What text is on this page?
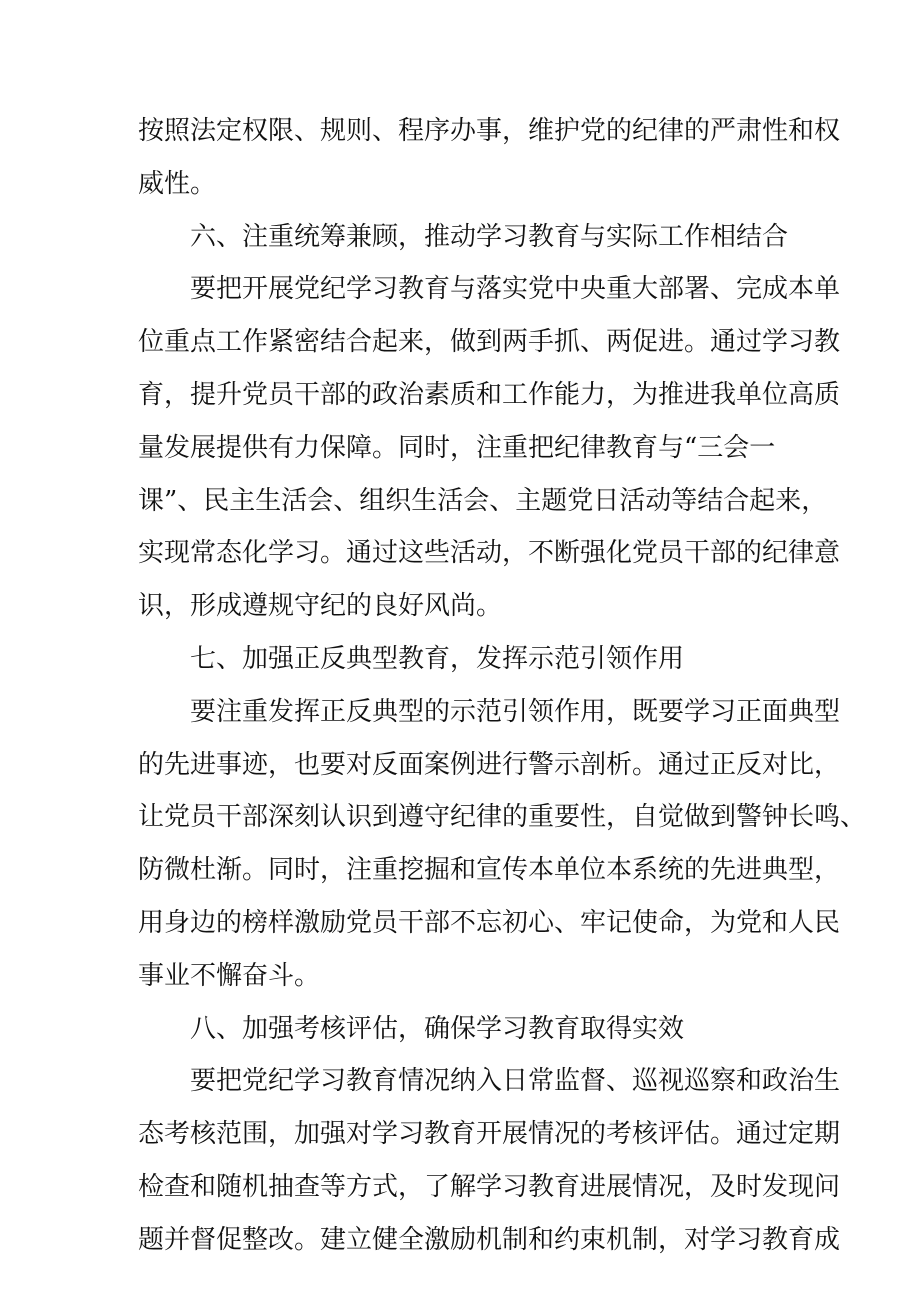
按照法定权限、规则、程序办事，维护党的纪律的严肃性和权
威性。
六、注重统筹兼顾，推动学习教育与实际工作相结合
要把开展党纪学习教育与落实党中央重大部署、完成本单
位重点工作紧密结合起来，做到两手抓、两促进。通过学习教
育，提升党员干部的政治素质和工作能力，为推进我单位高质
量发展提供有力保障。同时，注重把纪律教育与“三会一
课”、民主生活会、组织生活会、主题党日活动等结合起来，
实现常态化学习。通过这些活动，不断强化党员干部的纪律意
识，形成遵规守纪的良好风尚。
七、加强正反典型教育，发挥示范引领作用
要注重发挥正反典型的示范引领作用，既要学习正面典型
的先进事迹，也要对反面案例进行警示剖析。通过正反对比，
让党员干部深刻认识到遵守纪律的重要性，自觉做到警钟长鸣、
防微杜渐。同时，注重挖掘和宣传本单位本系统的先进典型，
用身边的榜样激励党员干部不忘初心、牢记使命，为党和人民
事业不懈奋斗。
八、加强考核评估，确保学习教育取得实效
要把党纪学习教育情况纳入日常监督、巡视巡察和政治生
态考核范围，加强对学习教育开展情况的考核评估。通过定期
检查和随机抽查等方式，了解学习教育进展情况，及时发现问
题并督促整改。建立健全激励机制和约束机制，对学习教育成
